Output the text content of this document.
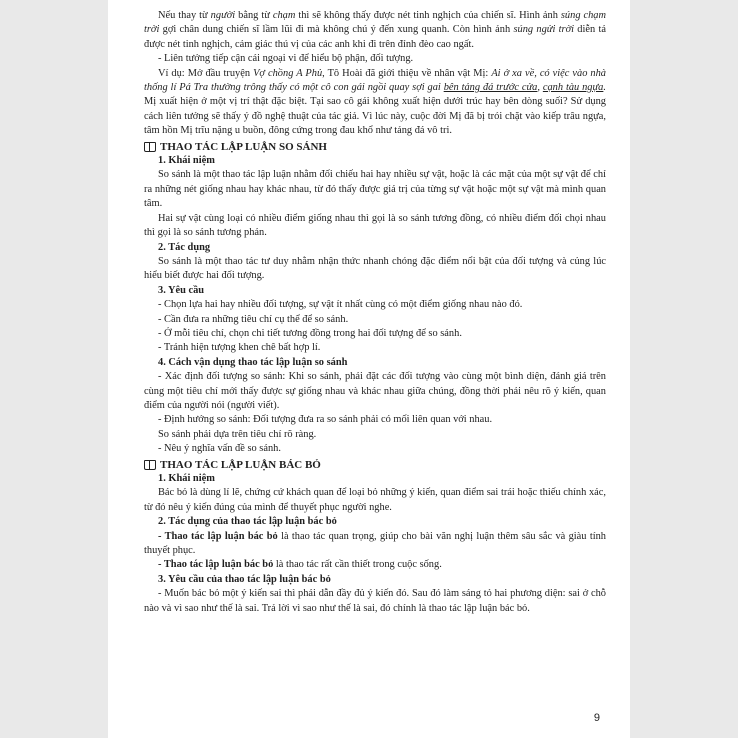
Nếu thay từ người bằng từ chạm thì sẽ không thấy được nét tinh nghịch của chiến sĩ. Hình ảnh súng chạm trời gợi chân dung chiến sĩ lầm lũi đi mà không chú ý đến xung quanh. Còn hình ảnh súng ngửi trời diễn tả được nét tinh nghịch, cảm giác thú vị của các anh khi đi trên đỉnh đèo cao ngất.

- Liên tưởng tiếp cận cái ngoại vi để hiểu bộ phận, đối tượng.

Ví dụ: Mở đầu truyện Vợ chồng A Phủ, Tô Hoài đã giới thiệu về nhân vật Mị: Ai ở xa về, có việc vào nhà thống lí Pá Tra thường trông thấy có một cô con gái ngồi quay sợi gai bên tảng đá trước cửa, cạnh tàu ngựa. Mị xuất hiện ở một vị trí thật đặc biệt. Tại sao cô gái không xuất hiện dưới trúc hay bên dòng suối? Sử dụng cách liên tưởng sẽ thấy ý đồ nghệ thuật của tác giả. Vì lúc này, cuộc đời Mị đã bị trói chặt vào kiếp trâu ngựa, tâm hồn Mị trĩu nặng u buồn, đông cứng trong đau khổ như tảng đá vô tri.

THAO TÁC LẬP LUẬN SO SÁNH

1. Khái niệm

So sánh là một thao tác lập luận nhằm đối chiếu hai hay nhiều sự vật, hoặc là các mặt của một sự vật để chỉ ra những nét giống nhau hay khác nhau, từ đó thấy được giá trị của từng sự vật hoặc một sự vật mà mình quan tâm.

Hai sự vật cùng loại có nhiều điểm giống nhau thì gọi là so sánh tương đồng, có nhiều điểm đối chọi nhau thì gọi là so sánh tương phản.

2. Tác dụng

So sánh là một thao tác tư duy nhằm nhận thức nhanh chóng đặc điểm nổi bật của đối tượng và củng lúc hiểu biết được hai đối tượng.

3. Yêu cầu

- Chọn lựa hai hay nhiều đối tượng, sự vật ít nhất cùng có một điểm giống nhau nào đó.

- Cần đưa ra những tiêu chí cụ thể để so sánh.

- Ở mỗi tiêu chí, chọn chi tiết tương đồng trong hai đối tượng để so sánh.

- Tránh hiện tượng khen chê bất hợp lí.

4. Cách vận dụng thao tác lập luận so sánh

- Xác định đối tượng so sánh: Khi so sánh, phải đặt các đối tượng vào cùng một bình diện, đánh giá trên cùng một tiêu chí mới thấy được sự giống nhau và khác nhau giữa chúng, đồng thời phải nêu rõ ý kiến, quan điểm của người nói (người viết).

- Định hướng so sánh: Đối tượng đưa ra so sánh phải có mối liên quan với nhau.

So sánh phải dựa trên tiêu chí rõ ràng.

- Nêu ý nghĩa vấn đề so sánh.

THAO TÁC LẬP LUẬN BÁC BỎ

1. Khái niệm

Bác bỏ là dùng lí lẽ, chứng cứ khách quan để loại bỏ những ý kiến, quan điểm sai trái hoặc thiếu chính xác, từ đó nêu ý kiến đúng của mình để thuyết phục người nghe.

2. Tác dụng của thao tác lập luận bác bỏ

- Thao tác lập luận bác bỏ là thao tác quan trọng, giúp cho bài văn nghị luận thêm sâu sắc và giàu tính thuyết phục.

- Thao tác lập luận bác bỏ là thao tác rất cần thiết trong cuộc sống.

3. Yêu cầu của thao tác lập luận bác bỏ

- Muốn bác bỏ một ý kiến sai thì phải dẫn đầy đủ ý kiến đó. Sau đó làm sáng tỏ hai phương diện: sai ở chỗ nào và vì sao như thế là sai. Trả lời vì sao như thế là sai, đó chính là thao tác lập luận bác bỏ.

9
